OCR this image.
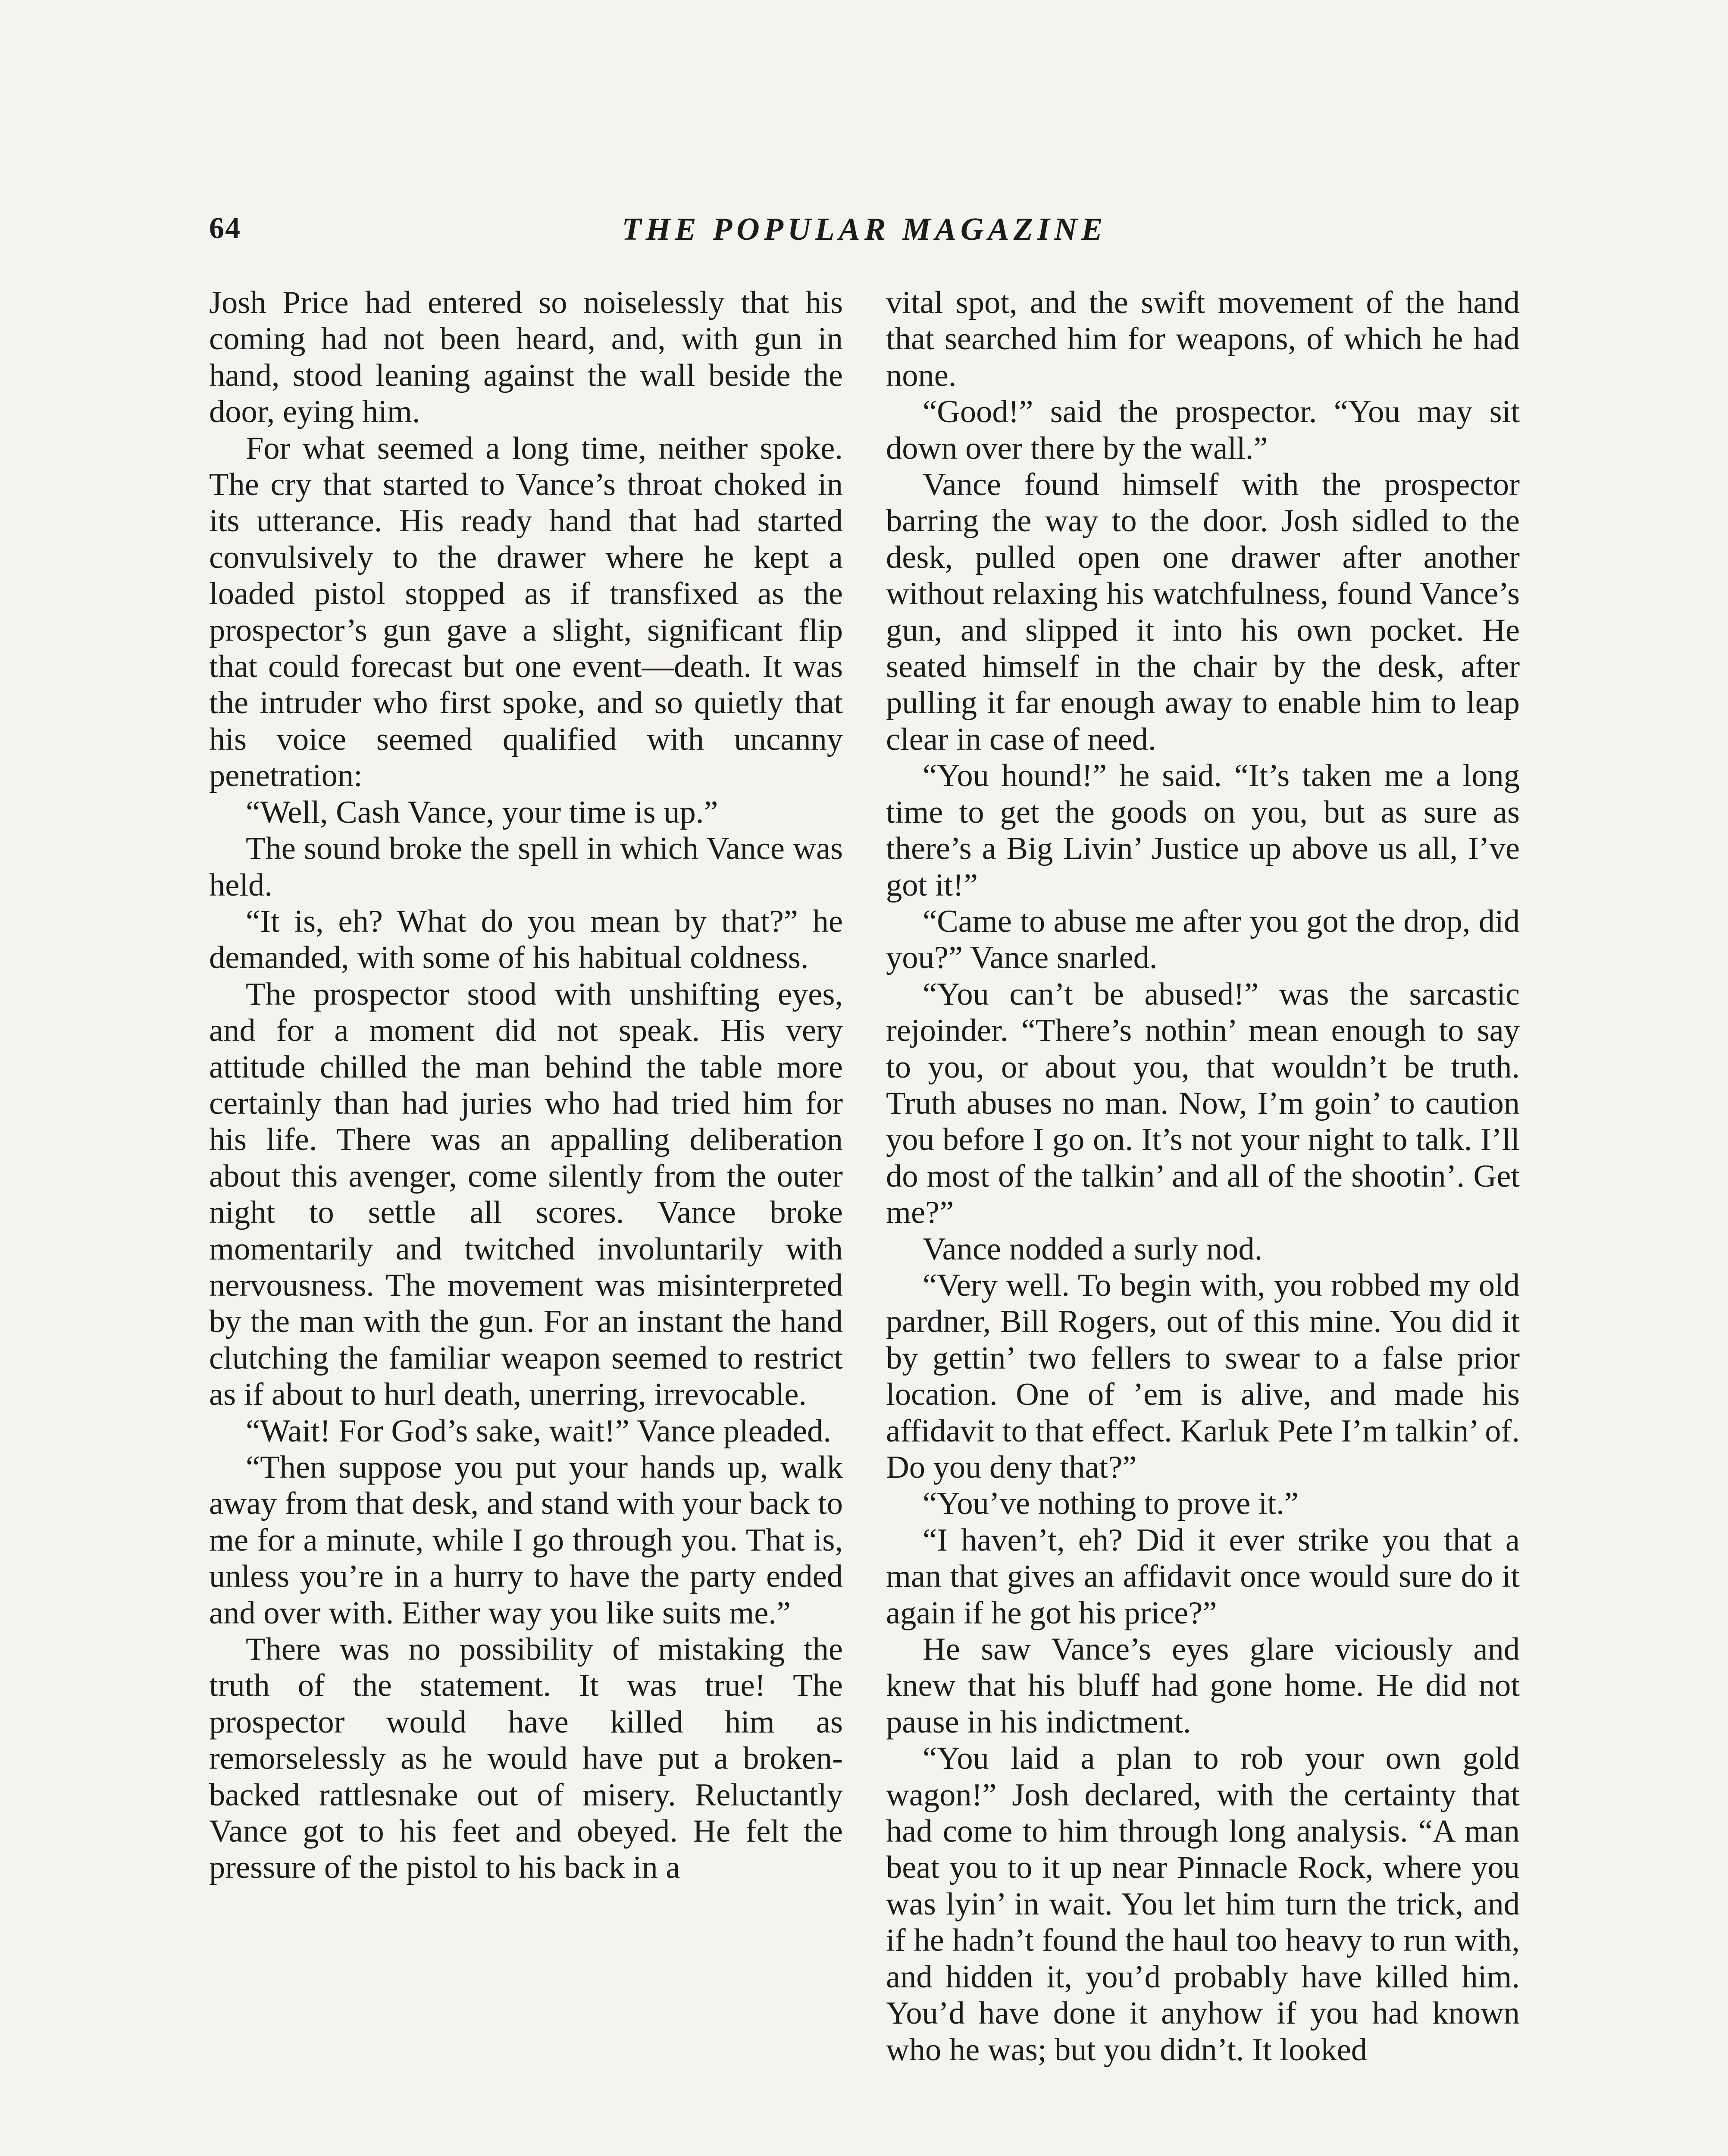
64	THE POPULAR MAGAZINE

Josh Price had entered so noiselessly that his coming had not been heard, and, with gun in hand, stood leaning against the wall beside the door, eying him.

For what seemed a long time, neither spoke. The cry that started to Vance’s throat choked in its utterance. His ready hand that had started convulsively to the drawer where he kept a loaded pistol stopped as if transfixed as the prospector’s gun gave a slight, significant flip that could forecast but one event—death. It was the intruder who first spoke, and so quietly that his voice seemed qualified with uncanny penetration:

“Well, Cash Vance, your time is up.”

The sound broke the spell in which Vance was held.

“It is, eh? What do you mean by that?” he demanded, with some of his habitual coldness.

The prospector stood with unshifting eyes, and for a moment did not speak. His very attitude chilled the man behind the table more certainly than had juries who had tried him for his life. There was an appalling deliberation about this avenger, come silently from the outer night to settle all scores. Vance broke momentarily and twitched involuntarily with nervousness. The movement was misinterpreted by the man with the gun. For an instant the hand clutching the familiar weapon seemed to restrict as if about to hurl death, unerring, irrevocable.

“Wait! For God’s sake, wait!” Vance pleaded.

“Then suppose you put your hands up, walk away from that desk, and stand with your back to me for a minute, while I go through you. That is, unless you’re in a hurry to have the party ended and over with. Either way you like suits me.”

There was no possibility of mistaking the truth of the statement. It was true! The prospector would have killed him as remorselessly as he would have put a broken-backed rattlesnake out of misery. Reluctantly Vance got to his feet and obeyed. He felt the pressure of the pistol to his back in a

vital spot, and the swift movement of the hand that searched him for weapons, of which he had none.

“Good!” said the prospector. “You may sit down over there by the wall.”

Vance found himself with the prospector barring the way to the door. Josh sidled to the desk, pulled open one drawer after another without relaxing his watchfulness, found Vance’s gun, and slipped it into his own pocket. He seated himself in the chair by the desk, after pulling it far enough away to enable him to leap clear in case of need.

“You hound!” he said. “It’s taken me a long time to get the goods on you, but as sure as there’s a Big Livin’ Justice up above us all, I’ve got it!”

“Came to abuse me after you got the drop, did you?” Vance snarled.

“You can’t be abused!” was the sarcastic rejoinder. “There’s nothin’ mean enough to say to you, or about you, that wouldn’t be truth. Truth abuses no man. Now, I’m goin’ to caution you before I go on. It’s not your night to talk. I’ll do most of the talkin’ and all of the shootin’. Get me?”

Vance nodded a surly nod.

“Very well. To begin with, you robbed my old pardner, Bill Rogers, out of this mine. You did it by gettin’ two fellers to swear to a false prior location. One of ’em is alive, and made his affidavit to that effect. Karluk Pete I’m talkin’ of. Do you deny that?”

“You’ve nothing to prove it.”

“I haven’t, eh? Did it ever strike you that a man that gives an affidavit once would sure do it again if he got his price?”

He saw Vance’s eyes glare viciously and knew that his bluff had gone home. He did not pause in his indictment.

“You laid a plan to rob your own gold wagon!” Josh declared, with the certainty that had come to him through long analysis. “A man beat you to it up near Pinnacle Rock, where you was lyin’ in wait. You let him turn the trick, and if he hadn’t found the haul too heavy to run with, and hidden it, you’d probably have killed him. You’d have done it anyhow if you had known who he was; but you didn’t. It looked
